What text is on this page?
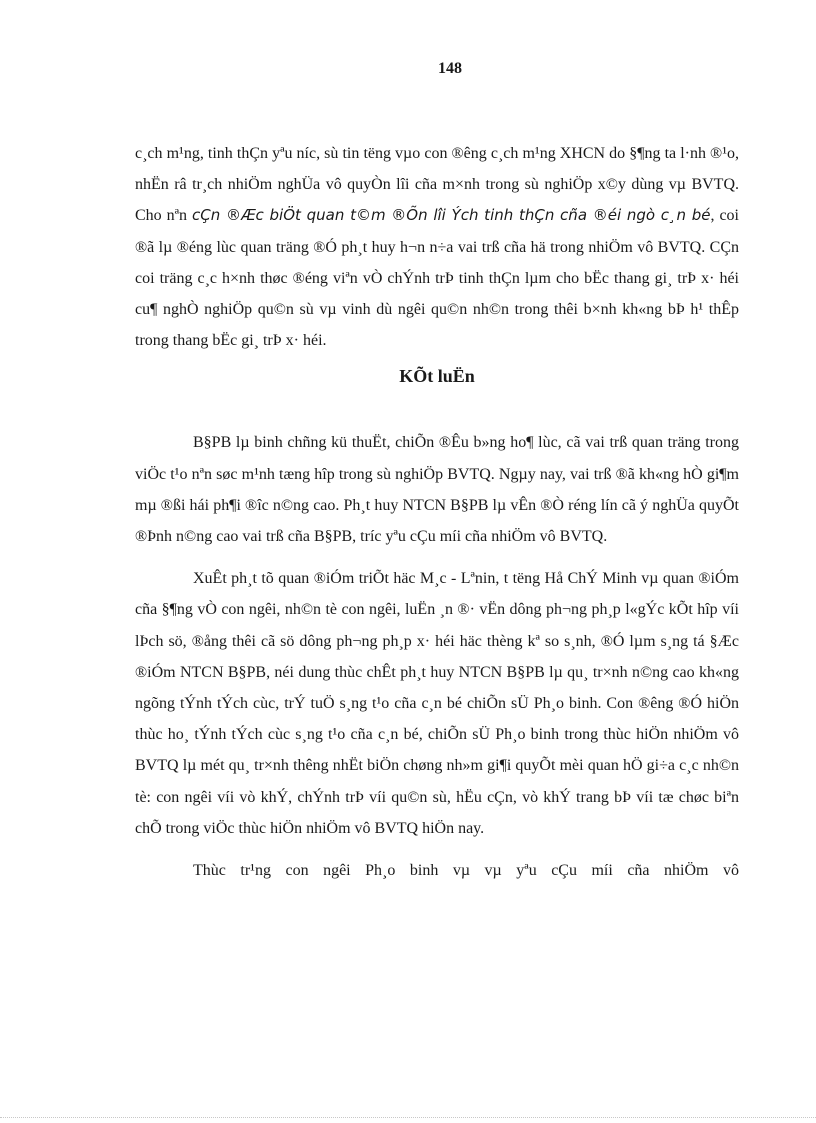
148

c¸ch m¹ng, tinh thÇn yªu níc, sù tin tëng vµo con ®êng c¸ch m¹ng XHCN do §¶ng ta l·nh ®¹o, nhËn râ tr¸ch nhiÖm nghÜa vô quyÒn lîi cña m×nh trong sù nghiÖp x©y dùng vµ BVTQ. Cho nªn cÇn ®Æc biÖt quan t©m ®Õn lîi Ých tinh thÇn cña ®éi ngò c¸n bé, coi ®ã lµ ®éng lùc quan träng ®Ó ph¸t huy h¬n n÷a vai trß cña hä trong nhiÖm vô BVTQ. CÇn coi träng c¸c h×nh thøc ®éng viªn vÒ chÝnh trÞ tinh thÇn lµm cho bËc thang gi¸ trÞ x· héi cu¶ nghÒ nghiÖp qu©n sù vµ vinh dù ngêi qu©n nh©n trong thêi b×nh kh«ng bÞ h¹ thÊp trong thang bËc gi¸ trÞ x· héi.

KÕt luËn

B§PB lµ binh chñng kü thuËt, chiÕn ®Êu b»ng ho¶ lùc, cã vai trß quan träng trong viÖc t¹o nªn søc m¹nh tæng hîp trong sù nghiÖp BVTQ. Ngµy nay, vai trß ®ã kh«ng hÒ gi¶m mµ ®ßi hái ph¶i ®îc n©ng cao. Ph¸t huy NTCN B§PB lµ vÊn ®Ò réng lín cã ý nghÜa quyÕt ®Þnh n©ng cao vai trß cña B§PB, tríc yªu cÇu míi cña nhiÖm vô BVTQ.

XuÊt ph¸t tõ quan ®iÓm triÕt häc M¸c - Lªnin, t tëng Hå ChÝ Minh vµ quan ®iÓm cña §¶ng vÒ con ngêi, nh©n tè con ngêi, luËn ¸n ®· vËn dông ph¬ng ph¸p l«gÝc kÕt hîp víi lÞch sö, ®ång thêi cã sö dông ph¬ng ph¸p x· héi häc thèng kª so s¸nh, ®Ó lµm s¸ng tá §Æc ®iÓm NTCN B§PB, néi dung thùc chÊt ph¸t huy NTCN B§PB lµ qu¸ tr×nh n©ng cao kh«ng ngõng tÝnh tÝch cùc, trÝ tuÖ s¸ng t¹o cña c¸n bé chiÕn sÜ Ph¸o binh. Con ®êng ®Ó hiÖn thùc ho¸ tÝnh tÝch cùc s¸ng t¹o cña c¸n bé, chiÕn sÜ Ph¸o binh trong thùc hiÖn nhiÖm vô BVTQ lµ mét qu¸ tr×nh thêng nhËt biÖn chøng nh»m gi¶i quyÕt mèi quan hÖ gi÷a c¸c nh©n tè: con ngêi víi vò khÝ, chÝnh trÞ víi qu©n sù, hËu cÇn, vò khÝ trang bÞ víi tæ chøc biªn chÕ trong viÖc thùc hiÖn nhiÖm vô BVTQ hiÖn nay.

Thùc tr¹ng con ngêi Ph¸o binh vµ vµ yªu cÇu míi cña nhiÖm vô
